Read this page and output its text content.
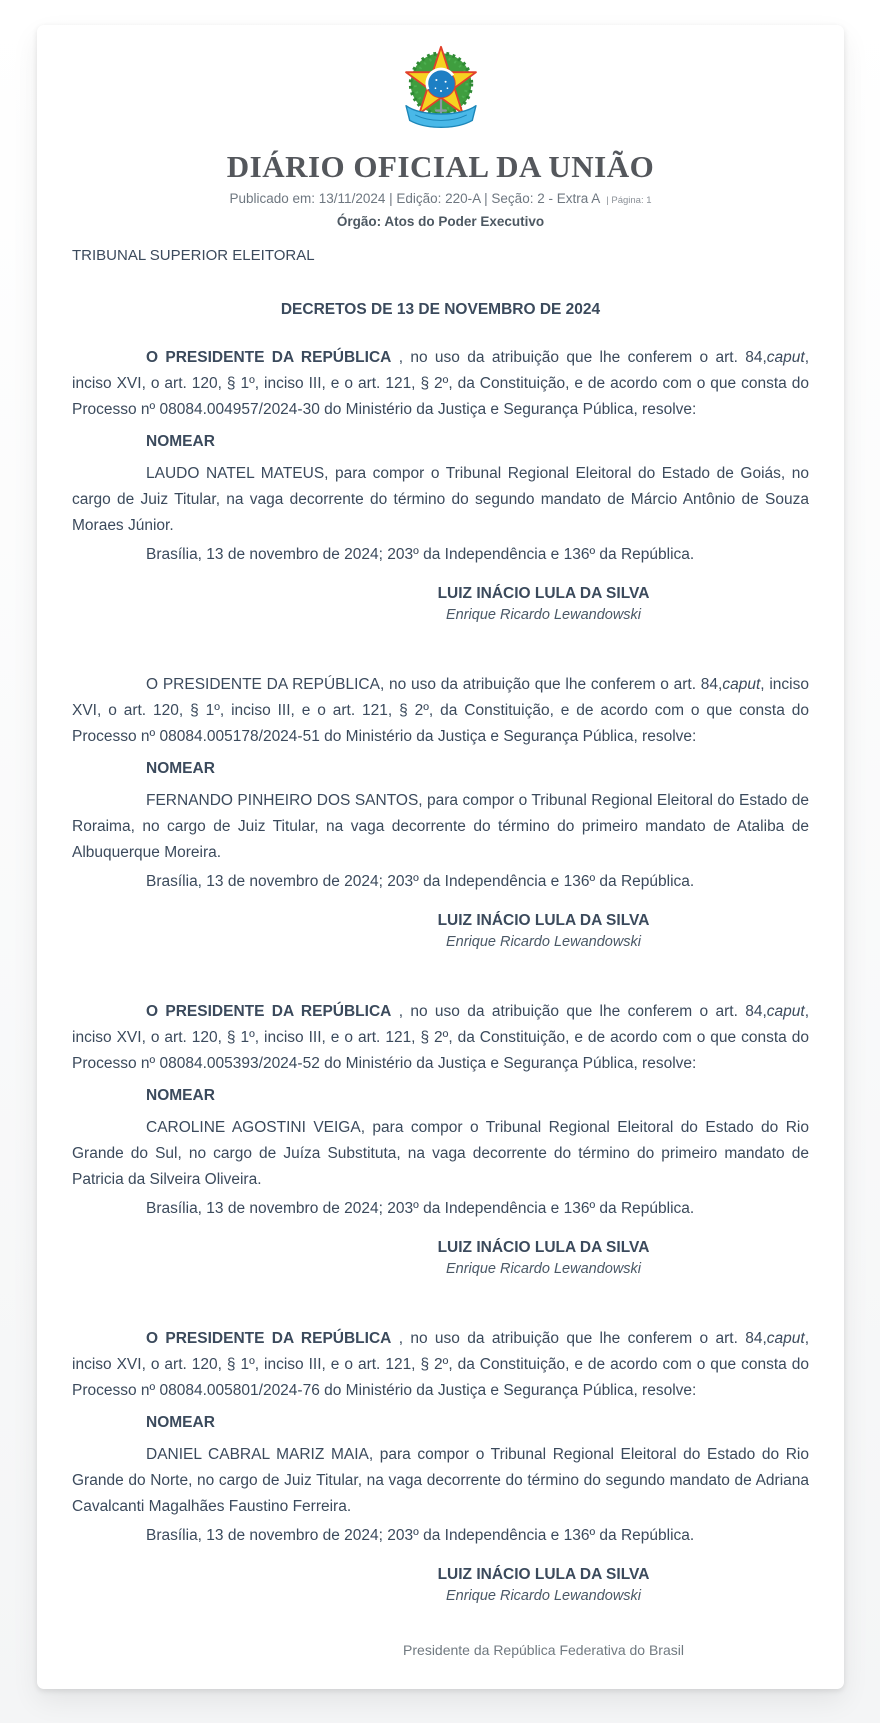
DIÁRIO OFICIAL DA UNIÃO
Publicado em: 13/11/2024 | Edição: 220-A | Seção: 2 - Extra A | Página: 1
Órgão: Atos do Poder Executivo
TRIBUNAL SUPERIOR ELEITORAL
DECRETOS DE 13 DE NOVEMBRO DE 2024

O PRESIDENTE DA REPÚBLICA , no uso da atribuição que lhe conferem o art. 84,caput, inciso XVI, o art. 120, § 1º, inciso III, e o art. 121, § 2º, da Constituição, e de acordo com o que consta do Processo nº 08084.004957/2024-30 do Ministério da Justiça e Segurança Pública, resolve:

NOMEAR

LAUDO NATEL MATEUS, para compor o Tribunal Regional Eleitoral do Estado de Goiás, no cargo de Juiz Titular, na vaga decorrente do término do segundo mandato de Márcio Antônio de Souza Moraes Júnior.

Brasília, 13 de novembro de 2024; 203º da Independência e 136º da República.

LUIZ INÁCIO LULA DA SILVA
Enrique Ricardo Lewandowski

O PRESIDENTE DA REPÚBLICA, no uso da atribuição que lhe conferem o art. 84,caput, inciso XVI, o art. 120, § 1º, inciso III, e o art. 121, § 2º, da Constituição, e de acordo com o que consta do Processo nº 08084.005178/2024-51 do Ministério da Justiça e Segurança Pública, resolve:

NOMEAR

FERNANDO PINHEIRO DOS SANTOS, para compor o Tribunal Regional Eleitoral do Estado de Roraima, no cargo de Juiz Titular, na vaga decorrente do término do primeiro mandato de Ataliba de Albuquerque Moreira.

Brasília, 13 de novembro de 2024; 203º da Independência e 136º da República.

LUIZ INÁCIO LULA DA SILVA
Enrique Ricardo Lewandowski

O PRESIDENTE DA REPÚBLICA , no uso da atribuição que lhe conferem o art. 84,caput, inciso XVI, o art. 120, § 1º, inciso III, e o art. 121, § 2º, da Constituição, e de acordo com o que consta do Processo nº 08084.005393/2024-52 do Ministério da Justiça e Segurança Pública, resolve:

NOMEAR

CAROLINE AGOSTINI VEIGA, para compor o Tribunal Regional Eleitoral do Estado do Rio Grande do Sul, no cargo de Juíza Substituta, na vaga decorrente do término do primeiro mandato de Patricia da Silveira Oliveira.

Brasília, 13 de novembro de 2024; 203º da Independência e 136º da República.

LUIZ INÁCIO LULA DA SILVA
Enrique Ricardo Lewandowski

O PRESIDENTE DA REPÚBLICA , no uso da atribuição que lhe conferem o art. 84,caput, inciso XVI, o art. 120, § 1º, inciso III, e o art. 121, § 2º, da Constituição, e de acordo com o que consta do Processo nº 08084.005801/2024-76 do Ministério da Justiça e Segurança Pública, resolve:

NOMEAR

DANIEL CABRAL MARIZ MAIA, para compor o Tribunal Regional Eleitoral do Estado do Rio Grande do Norte, no cargo de Juiz Titular, na vaga decorrente do término do segundo mandato de Adriana Cavalcanti Magalhães Faustino Ferreira.

Brasília, 13 de novembro de 2024; 203º da Independência e 136º da República.

LUIZ INÁCIO LULA DA SILVA
Enrique Ricardo Lewandowski
Presidente da República Federativa do Brasil
